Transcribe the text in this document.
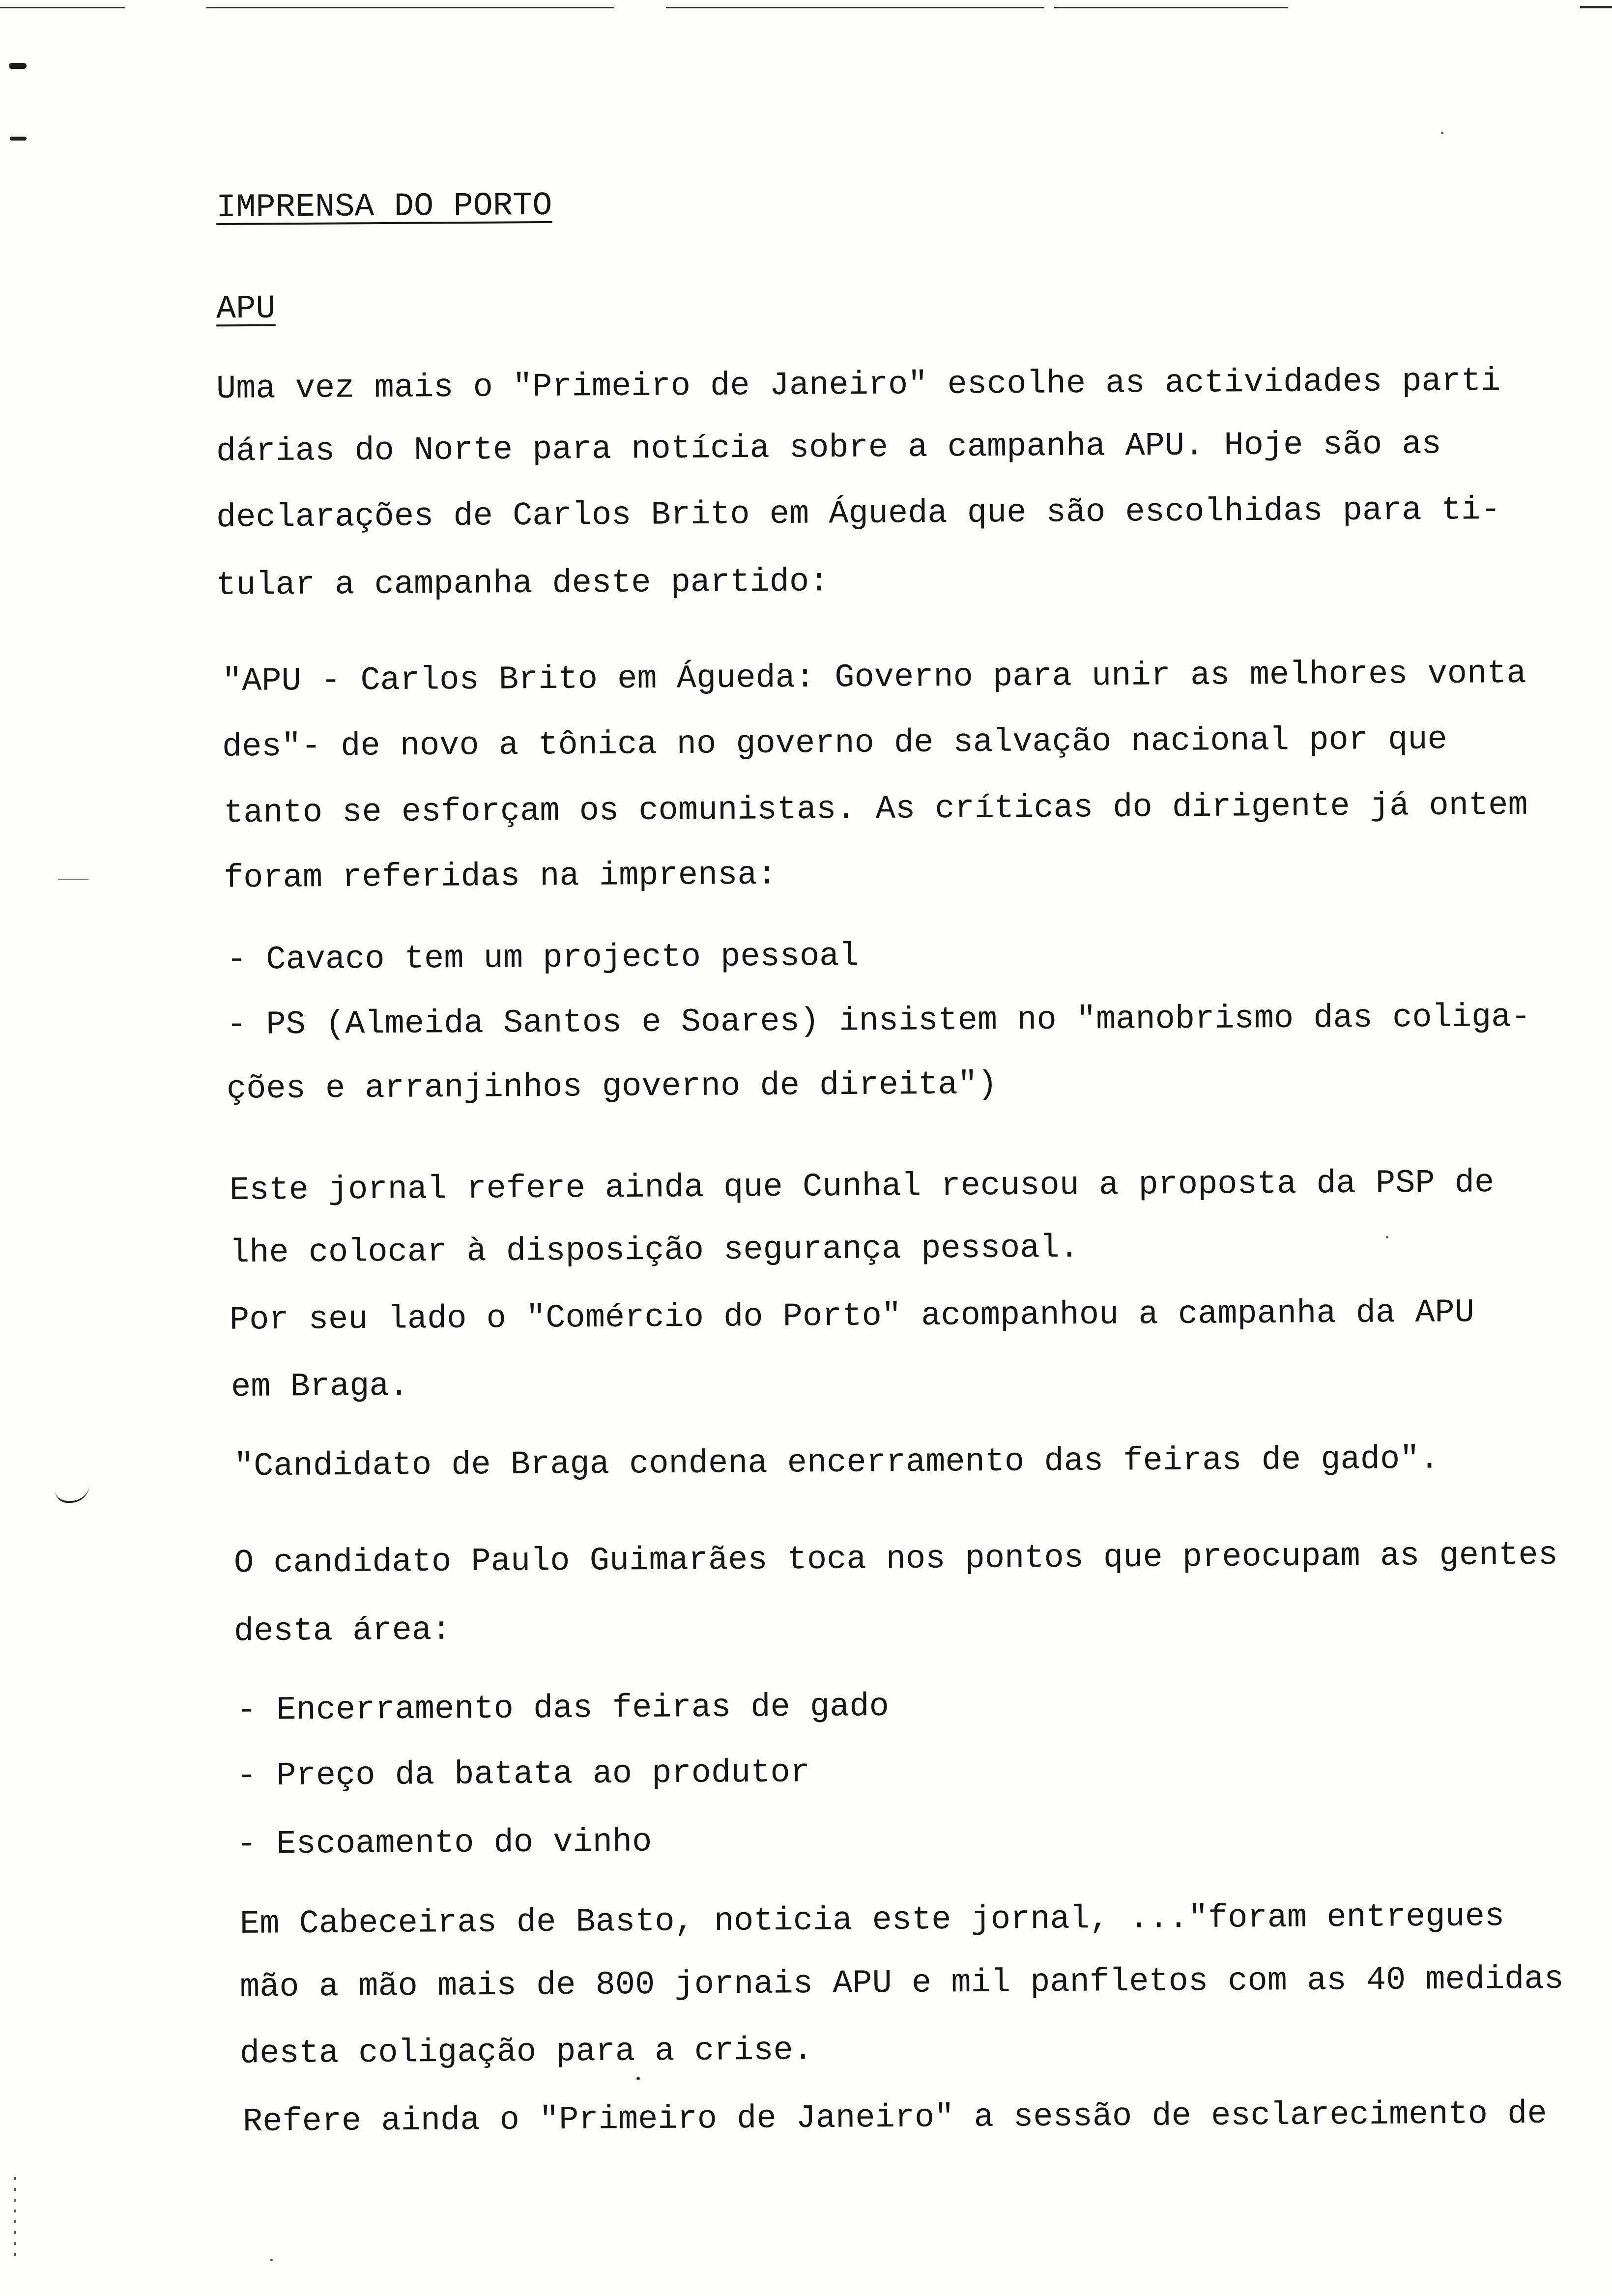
IMPRENSA DO PORTO
APU
Uma vez mais o "Primeiro de Janeiro" escolhe as actividades parti
dárias do Norte para notícia sobre a campanha APU. Hoje são as
declarações de Carlos Brito em Águeda que são escolhidas para ti-
tular a campanha deste partido:
"APU - Carlos Brito em Águeda: Governo para unir as melhores vonta
des"- de novo a tônica no governo de salvação nacional por que
tanto se esforçam os comunistas. As críticas do dirigente já ontem
foram referidas na imprensa:
- Cavaco tem um projecto pessoal
- PS (Almeida Santos e Soares) insistem no "manobrismo das coliga-
ções e arranjinhos governo de direita")
Este jornal refere ainda que Cunhal recusou a proposta da PSP de
lhe colocar à disposição segurança pessoal.
Por seu lado o "Comércio do Porto" acompanhou a campanha da APU
em Braga.
"Candidato de Braga condena encerramento das feiras de gado".
O candidato Paulo Guimarães toca nos pontos que preocupam as gentes
desta área:
- Encerramento das feiras de gado
- Preço da batata ao produtor
- Escoamento do vinho
Em Cabeceiras de Basto, noticia este jornal, ..."foram entregues
mão a mão mais de 800 jornais APU e mil panfletos com as 40 medidas
desta coligação para a crise.
Refere ainda o "Primeiro de Janeiro" a sessão de esclarecimento de
